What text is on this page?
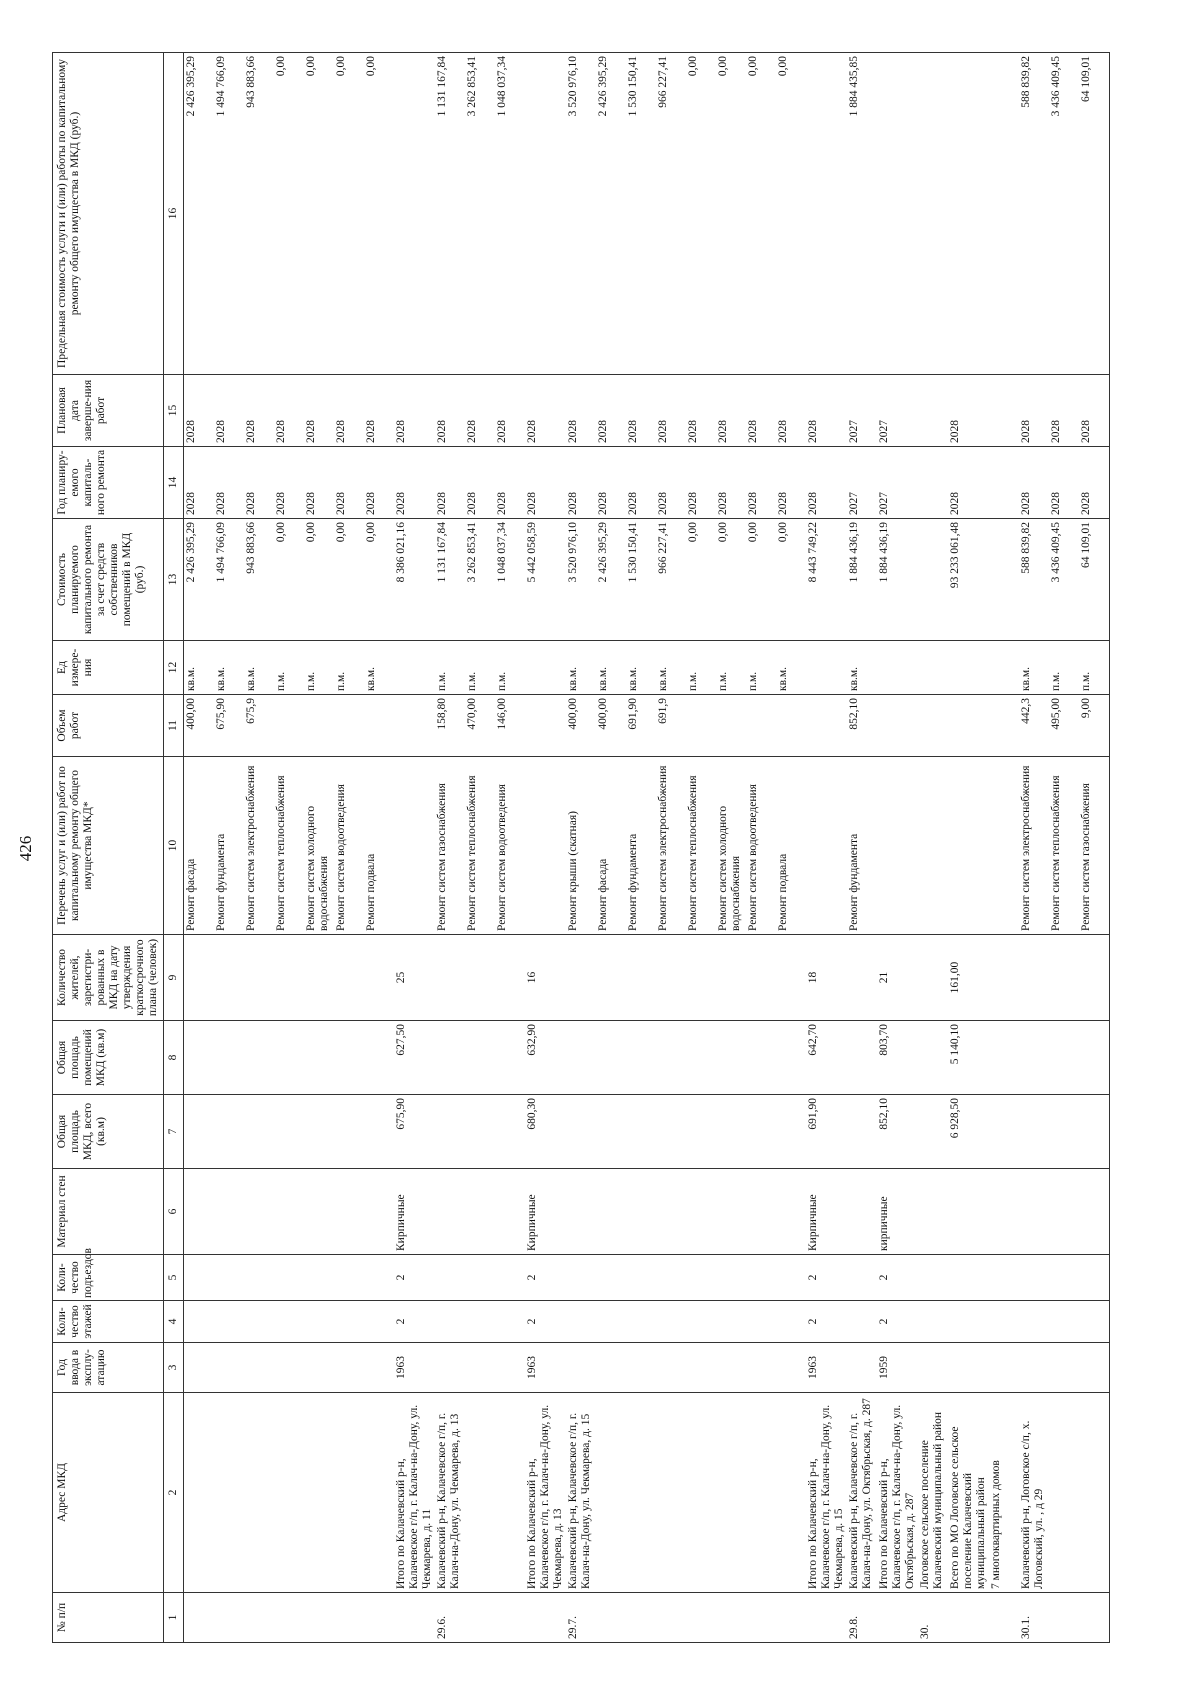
426
№ п/п	Адрес МКД	Год ввода в эксплу-атацию	Коли-чество этажей	Коли-чество подъездов	Материал стен	Общая площадь МКД, всего (кв.м)	Общая площадь помещений МКД (кв.м)	Количество жителей, зарегистри-рованных в МКД на дату утверждения краткосрочного плана (человек)	Перечень услуг и (или) работ по капитальному ремонту общего имущества МКД*	Объем работ	Ед измере-ния	Стоимость планируемого капитального ремонта за счет средств собственников помещений в МКД (руб.)	Год планиру-емого капиталь-ного ремонта	Плановая дата заверше-ния работ	Предельная стоимость услуги и (или) работы по капитальному ремонту общего имущества в МКД (руб.)
1	2	3	4	5	6	7	8	9	10	11	12	13	14	15	16
									Ремонт фасада	400,00	кв.м.	2 426 395,29	2028	2028	2 426 395,29
									Ремонт фундамента	675,90	кв.м.	1 494 766,09	2028	2028	1 494 766,09
									Ремонт систем электроснабжения	675,9	кв.м.	943 883,66	2028	2028	943 883,66
									Ремонт систем теплоснабжения		п.м.	0,00	2028	2028	0,00
									Ремонт систем холодного водоснабжения		п.м.	0,00	2028	2028	0,00
									Ремонт систем водоотведения		п.м.	0,00	2028	2028	0,00
									Ремонт подвала		кв.м.	0,00	2028	2028	0,00
	Итого по Калачевский р-н, Калачевское г/п, г. Калач-на-Дону, ул. Чекмарева, д. 11	1963	2	2	Кирпичные	675,90	627,50	25				8 386 021,16	2028	2028	
29.6.	Калачевский р-н, Калачевское г/п, г. Калач-на-Дону, ул. Чекмарева, д. 13								Ремонт систем газоснабжения	158,80	п.м.	1 131 167,84	2028	2028	1 131 167,84
									Ремонт систем теплоснабжения	470,00	п.м.	3 262 853,41	2028	2028	3 262 853,41
									Ремонт систем водоотведения	146,00	п.м.	1 048 037,34	2028	2028	1 048 037,34
	Итого по Калачевский р-н, Калачевское г/п, г. Калач-на-Дону, ул. Чекмарева, д. 13	1963	2	2	Кирпичные	680,30	632,90	16				5 442 058,59	2028	2028	
29.7.	Калачевский р-н, Калачевское г/п, г. Калач-на-Дону, ул. Чекмарева, д. 15								Ремонт крыши (скатная)	400,00	кв.м.	3 520 976,10	2028	2028	3 520 976,10
									Ремонт фасада	400,00	кв.м.	2 426 395,29	2028	2028	2 426 395,29
									Ремонт фундамента	691,90	кв.м.	1 530 150,41	2028	2028	1 530 150,41
									Ремонт систем электроснабжения	691,9	кв.м.	966 227,41	2028	2028	966 227,41
									Ремонт систем теплоснабжения		п.м.	0,00	2028	2028	0,00
									Ремонт систем холодного водоснабжения		п.м.	0,00	2028	2028	0,00
									Ремонт систем водоотведения		п.м.	0,00	2028	2028	0,00
									Ремонт подвала		кв.м.	0,00	2028	2028	0,00
	Итого по Калачевский р-н, Калачевское г/п, г. Калач-на-Дону, ул. Чекмарева, д. 15	1963	2	2	Кирпичные	691,90	642,70	18				8 443 749,22	2028	2028	
29.8.	Калачевский р-н, Калачевское г/п, г. Калач-на-Дону, ул. Октябрьская, д. 287								Ремонт фундамента	852,10	кв.м.	1 884 436,19	2027	2027	1 884 435,85
	Итого по Калачевский р-н, Калачевское г/п, г. Калач-на-Дону, ул. Октябрьская, д. 287	1959	2	2	кирпичные	852,10	803,70	21				1 884 436,19	2027	2027	
30.	Логовское сельское поселение Калачевский муниципальный район														
	Всего по МО Логовское сельское поселение Калачевский муниципальный район					6 928,50	5 140,10	161,00				93 233 061,48	2028	2028	
	7 многоквартирных домов														
30.1.	Калачевский р-н, Логовское с/п, х. Логовский, ул. , д 29								Ремонт систем электроснабжения	442,3	кв.м.	588 839,82	2028	2028	588 839,82
									Ремонт систем теплоснабжения	495,00	п.м.	3 436 409,45	2028	2028	3 436 409,45
									Ремонт систем газоснабжения	9,00	п.м.	64 109,01	2028	2028	64 109,01
